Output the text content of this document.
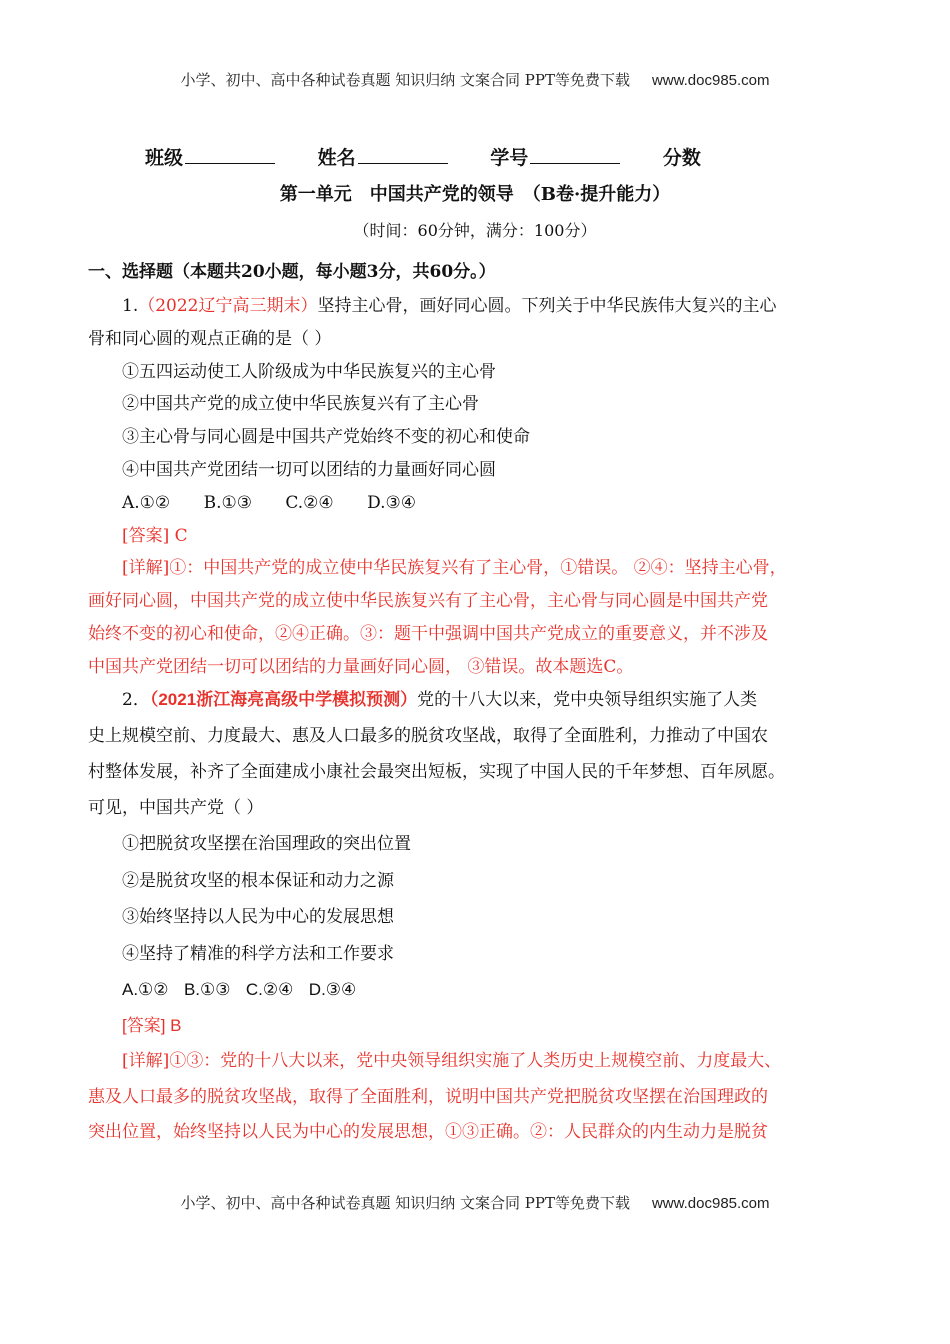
小学、初中、高中各种试卷真题 知识归纳 文案合同 PPT等免费下载 www.doc985.com
班级	姓名	学号	分数
第一单元　中国共产党的领导　（B卷·提升能力）
（时间：60分钟，满分：100分）
一、选择题（本题共20小题，每小题3分，共60分。）
1.（2022辽宁高三期末）坚持主心骨，画好同心圆。下列关于中华民族伟大复兴的主心
骨和同心圆的观点正确的是（ ）
①五四运动使工人阶级成为中华民族复兴的主心骨
②中国共产党的成立使中华民族复兴有了主心骨
③主心骨与同心圆是中国共产党始终不变的初心和使命
④中国共产党团结一切可以团结的力量画好同心圆
A.①② B.①③ C.②④ D.③④
[答案] C
[详解]①：中国共产党的成立使中华民族复兴有了主心骨，①错误。 ②④：坚持主心骨，
画好同心圆，中国共产党的成立使中华民族复兴有了主心骨，主心骨与同心圆是中国共产党
始终不变的初心和使命，②④正确。③：题干中强调中国共产党成立的重要意义，并不涉及
中国共产党团结一切可以团结的力量画好同心圆， ③错误。故本题选C。
2．（2021浙江海亮高级中学模拟预测）党的十八大以来，党中央领导组织实施了人类
史上规模空前、力度最大、惠及人口最多的脱贫攻坚战，取得了全面胜利，力推动了中国农
村整体发展，补齐了全面建成小康社会最突出短板，实现了中国人民的千年梦想、百年夙愿。
可见，中国共产党（ ）
①把脱贫攻坚摆在治国理政的突出位置
②是脱贫攻坚的根本保证和动力之源
③始终坚持以人民为中心的发展思想
④坚持了精准的科学方法和工作要求
A.①② B.①③ C.②④ D.③④
[答案] B
[详解]①③：党的十八大以来，党中央领导组织实施了人类历史上规模空前、力度最大、
惠及人口最多的脱贫攻坚战，取得了全面胜利，说明中国共产党把脱贫攻坚摆在治国理政的
突出位置，始终坚持以人民为中心的发展思想，①③正确。②：人民群众的内生动力是脱贫
小学、初中、高中各种试卷真题 知识归纳 文案合同 PPT等免费下载 www.doc985.com
